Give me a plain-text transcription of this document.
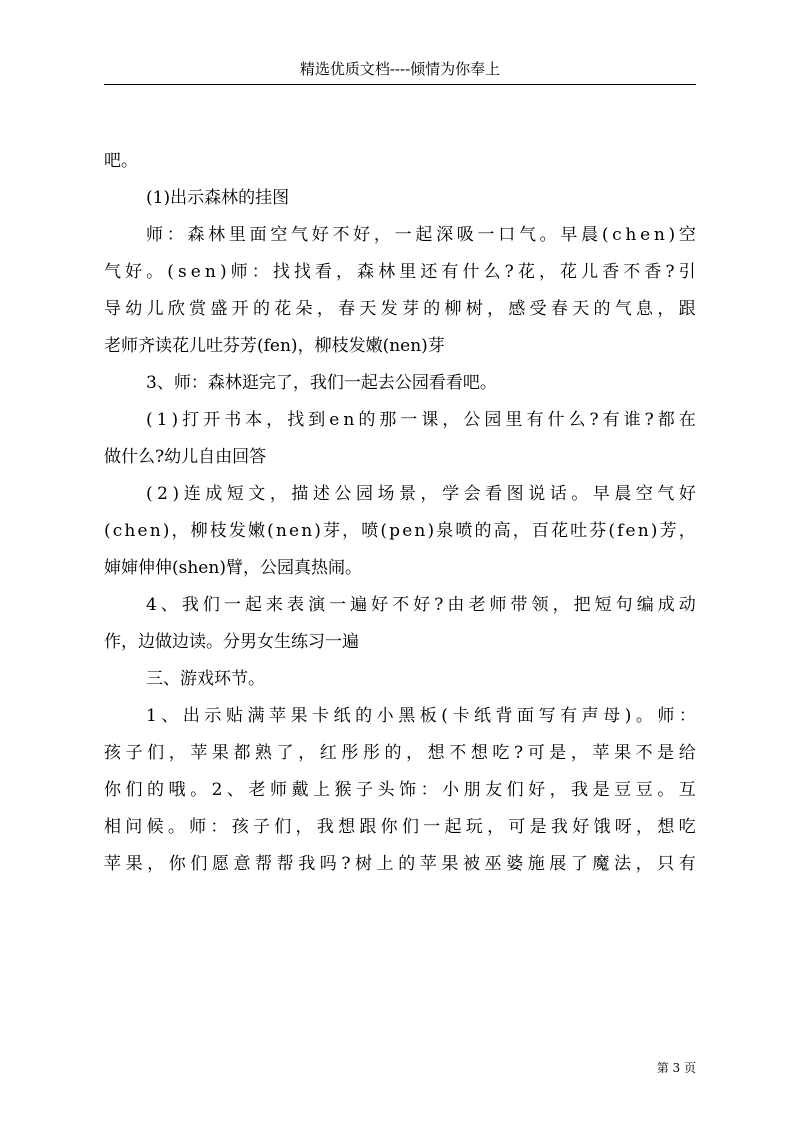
精选优质文档----倾情为你奉上
吧。
(1)出示森林的挂图
师 ： 森 林 里 面 空 气 好 不 好 ， 一 起 深 吸 一 口 气 。 早 晨 ( c h e n ) 空
气 好 。 ( s e n ) 师 ： 找 找 看 ， 森 林 里 还 有 什 么 ? 花 ， 花 儿 香 不 香 ? 引
导 幼 儿 欣 赏 盛 开 的 花 朵 ， 春 天 发 芽 的 柳 树 ， 感 受 春 天 的 气 息 ， 跟
老师齐读花儿吐芬芳(fen)，柳枝发嫩(nen)芽
3、师：森林逛完了，我们一起去公园看看吧。
( 1 ) 打 开 书 本 ， 找 到 e n 的 那 一 课 ， 公 园 里 有 什 么 ? 有 谁 ? 都 在
做什么?幼儿自由回答
( 2 ) 连 成 短 文 ， 描 述 公 园 场 景 ， 学 会 看 图 说 话 。 早 晨 空 气 好
( c h e n ) ， 柳 枝 发 嫩 ( n e n ) 芽 ， 喷 ( p e n ) 泉 喷 的 高 ， 百 花 吐 芬 ( f e n ) 芳 ，
婶婶伸伸(shen)臂，公园真热闹。
4 、 我 们 一 起 来 表 演 一 遍 好 不 好 ? 由 老 师 带 领 ， 把 短 句 编 成 动
作，边做边读。分男女生练习一遍
三、游戏环节。
1 、 出 示 贴 满 苹 果 卡 纸 的 小 黑 板 ( 卡 纸 背 面 写 有 声 母 ) 。 师 ：
孩 子 们 ， 苹 果 都 熟 了 ， 红 彤 彤 的 ， 想 不 想 吃 ? 可 是 ， 苹 果 不 是 给
你 们 的 哦 。 2 、 老 师 戴 上 猴 子 头 饰 ： 小 朋 友 们 好 ， 我 是 豆 豆 。 互
相 问 候 。 师 ： 孩 子 们 ， 我 想 跟 你 们 一 起 玩 ， 可 是 我 好 饿 呀 ， 想 吃
苹 果 ， 你 们 愿 意 帮 帮 我 吗 ? 树 上 的 苹 果 被 巫 婆 施 展 了 魔 法 ， 只 有
第 3 页
